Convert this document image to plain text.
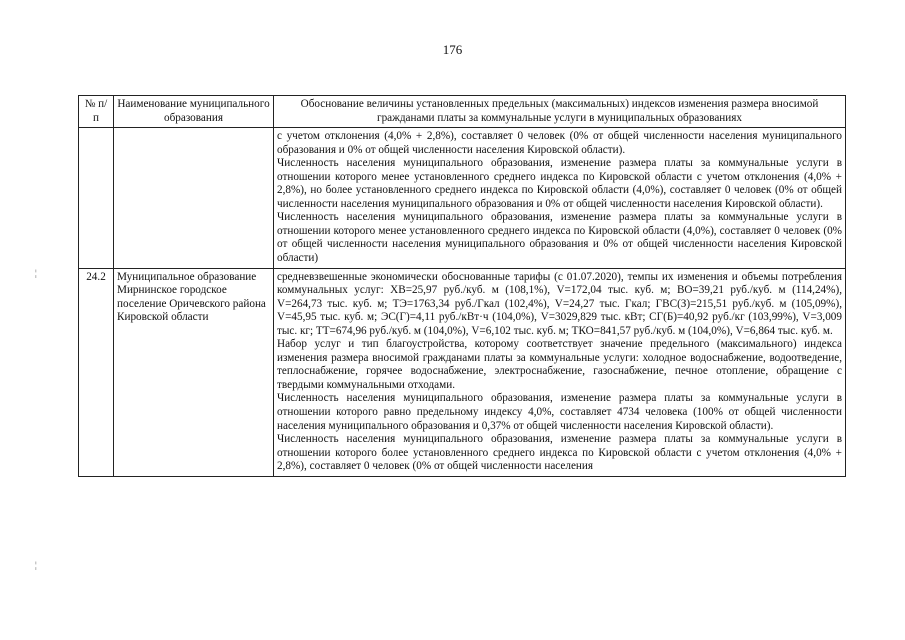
176
¦
¦
№ п/п	Наименование муниципального образования	Обоснование величины установленных предельных (максимальных) индексов изменения размера вносимой гражданами платы за коммунальные услуги в муниципальных образованиях

		с учетом отклонения (4,0% + 2,8%), составляет 0 человек (0% от общей численности населения муниципального образования и 0% от общей численности населения Кировской области).

Численность населения муниципального образования, изменение размера платы за коммунальные услуги в отношении которого менее установленного среднего индекса по Кировской области с учетом отклонения (4,0% + 2,8%), но более установленного среднего индекса по Кировской области (4,0%), составляет 0 человек (0% от общей численности населения муниципального образования и 0% от общей численности населения Кировской области).

Численность населения муниципального образования, изменение размера платы за коммунальные услуги в отношении которого менее установленного среднего индекса по Кировской области (4,0%), составляет 0 человек (0% от общей численности населения муниципального образования и 0% от общей численности населения Кировской области)

24.2	Муниципальное образование Мирнинское городское поселение Оричевского района Кировской области	средневзвешенные экономически обоснованные тарифы (с 01.07.2020), темпы их изменения и объемы потребления коммунальных услуг: ХВ=25,97 руб./куб. м (108,1%), V=172,04 тыс. куб. м; ВО=39,21 руб./куб. м (114,24%), V=264,73 тыс. куб. м; ТЭ=1763,34 руб./Гкал (102,4%), V=24,27 тыс. Гкал; ГВС(З)=215,51 руб./куб. м (105,09%), V=45,95 тыс. куб. м; ЭС(Г)=4,11 руб./кВт·ч (104,0%), V=3029,829 тыс. кВт; СГ(Б)=40,92 руб./кг (103,99%), V=3,009 тыс. кг; ТТ=674,96 руб./куб. м (104,0%), V=6,102 тыс. куб. м; ТКО=841,57 руб./куб. м (104,0%), V=6,864 тыс. куб. м.

Набор услуг и тип благоустройства, которому соответствует значение предельного (максимального) индекса изменения размера вносимой гражданами платы за коммунальные услуги: холодное водоснабжение, водоотведение, теплоснабжение, горячее водоснабжение, электроснабжение, газоснабжение, печное отопление, обращение с твердыми коммунальными отходами.

Численность населения муниципального образования, изменение размера платы за коммунальные услуги в отношении которого равно предельному индексу 4,0%, составляет 4734 человека (100% от общей численности населения муниципального образования и 0,37% от общей численности населения Кировской области).

Численность населения муниципального образования, изменение размера платы за коммунальные услуги в отношении которого более установленного среднего индекса по Кировской области с учетом отклонения (4,0% + 2,8%), составляет 0 человек (0% от общей численности населения
